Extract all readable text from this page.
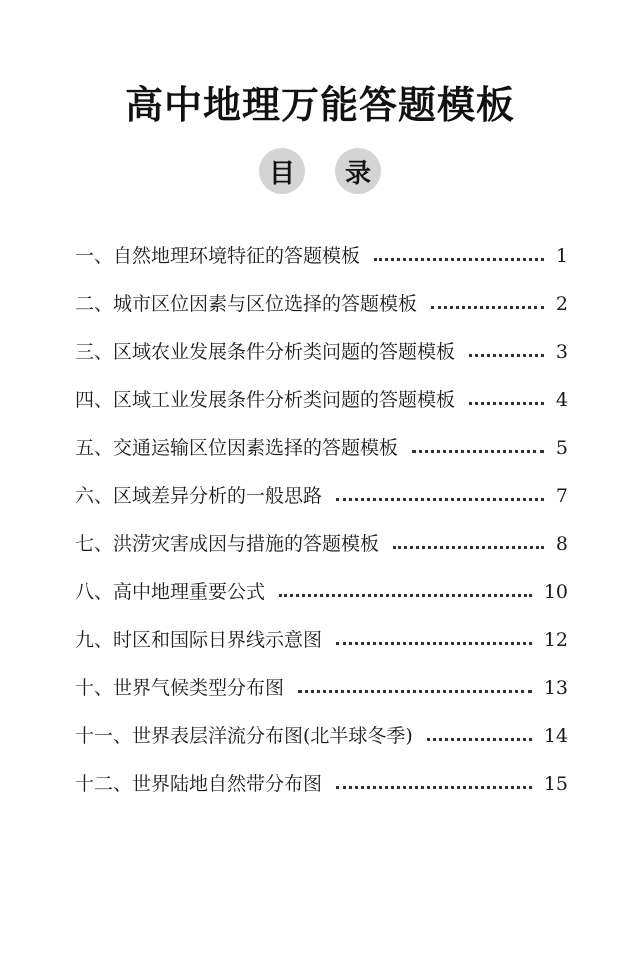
高中地理万能答题模板
目	录
一、自然地理环境特征的答题模板	1
二、城市区位因素与区位选择的答题模板	2
三、区域农业发展条件分析类问题的答题模板	3
四、区域工业发展条件分析类问题的答题模板	4
五、交通运输区位因素选择的答题模板	5
六、区域差异分析的一般思路	7
七、洪涝灾害成因与措施的答题模板	8
八、高中地理重要公式	10
九、时区和国际日界线示意图	12
十、世界气候类型分布图	13
十一、世界表层洋流分布图(北半球冬季)	14
十二、世界陆地自然带分布图	15
